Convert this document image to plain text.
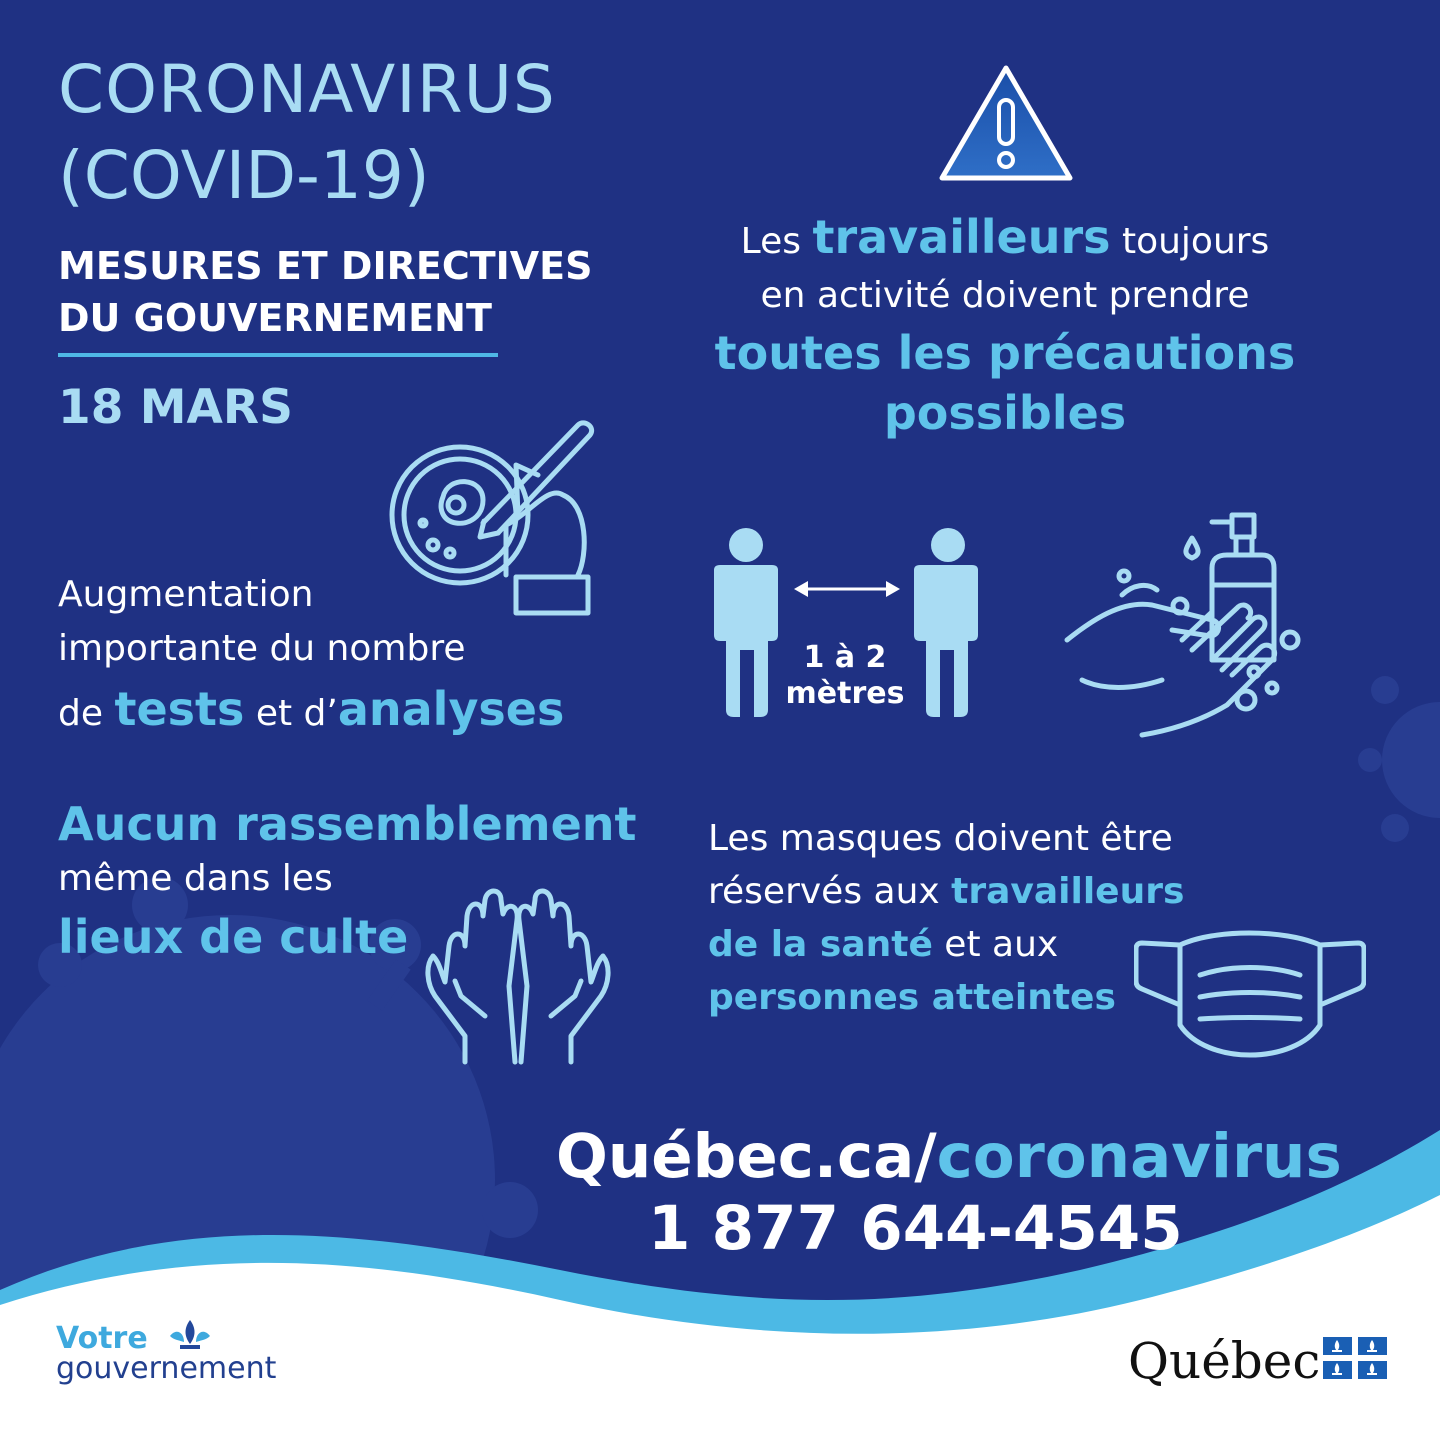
CORONAVIRUS
(COVID-19)
MESURES ET DIRECTIVES
DU GOUVERNEMENT
18 MARS
Les travailleurs toujours
en activité doivent prendre
toutes les précautions
possibles
Augmentation
importante du nombre
de tests et d’analyses
1 à 2
mètres
Aucun rassemblement
même dans les
lieux de culte
Les masques doivent être
réservés aux travailleurs
de la santé et aux
personnes atteintes
Québec.ca/coronavirus
1 877 644-4545
Votre
gouvernement	Québec
